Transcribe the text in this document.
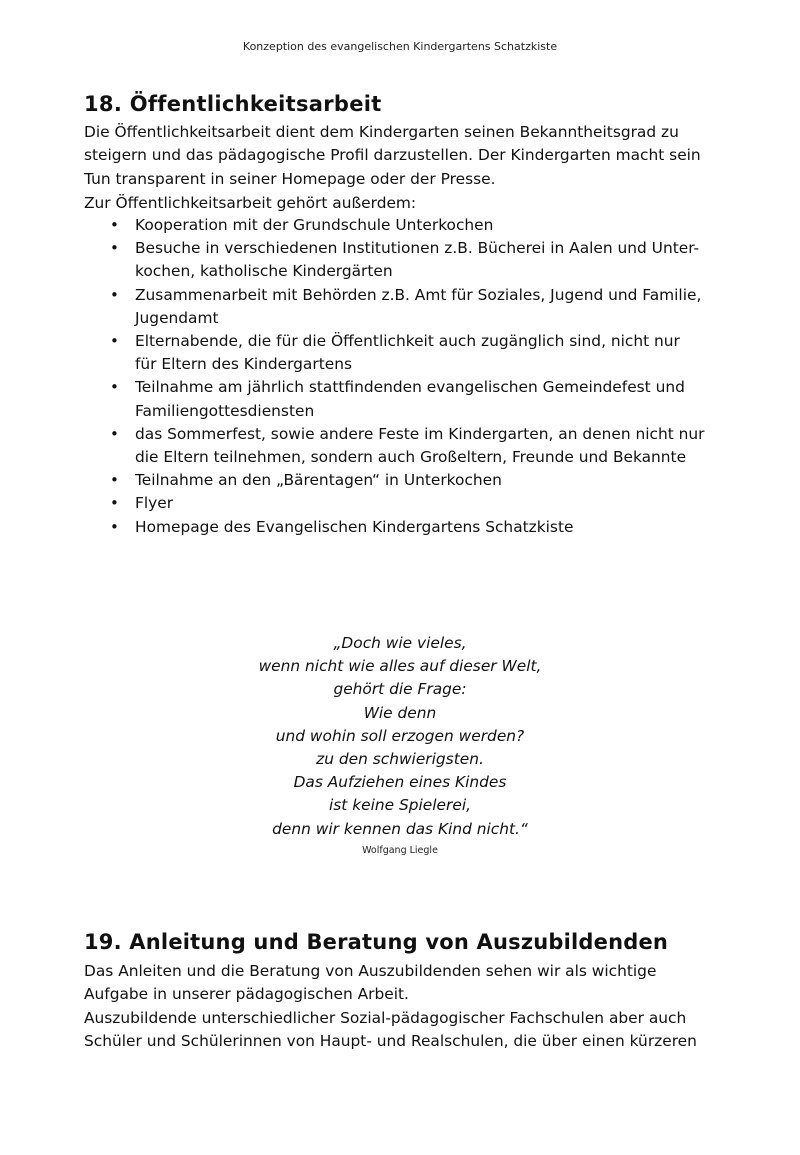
Konzeption des evangelischen Kindergartens Schatzkiste
18. Öffentlichkeitsarbeit
Die Öffentlichkeitsarbeit dient dem Kindergarten seinen Bekanntheitsgrad zu
steigern und das pädagogische Profil darzustellen. Der Kindergarten macht sein
Tun transparent in seiner Homepage oder der Presse.
Zur Öffentlichkeitsarbeit gehört außerdem:
• Kooperation mit der Grundschule Unterkochen
• Besuche in verschiedenen Institutionen z.B. Bücherei in Aalen und Unter-
kochen, katholische Kindergärten
• Zusammenarbeit mit Behörden z.B. Amt für Soziales, Jugend und Familie,
Jugendamt
• Elternabende, die für die Öffentlichkeit auch zugänglich sind, nicht nur
für Eltern des Kindergartens
• Teilnahme am jährlich stattfindenden evangelischen Gemeindefest und
Familiengottesdiensten
• das Sommerfest, sowie andere Feste im Kindergarten, an denen nicht nur
die Eltern teilnehmen, sondern auch Großeltern, Freunde und Bekannte
• Teilnahme an den „Bärentagen“ in Unterkochen
• Flyer
• Homepage des Evangelischen Kindergartens Schatzkiste
„Doch wie vieles,
wenn nicht wie alles auf dieser Welt,
gehört die Frage:
Wie denn
und wohin soll erzogen werden?
zu den schwierigsten.
Das Aufziehen eines Kindes
ist keine Spielerei,
denn wir kennen das Kind nicht.“
Wolfgang Liegle
19. Anleitung und Beratung von Auszubildenden
Das Anleiten und die Beratung von Auszubildenden sehen wir als wichtige
Aufgabe in unserer pädagogischen Arbeit.
Auszubildende unterschiedlicher Sozial-pädagogischer Fachschulen aber auch
Schüler und Schülerinnen von Haupt- und Realschulen, die über einen kürzeren
